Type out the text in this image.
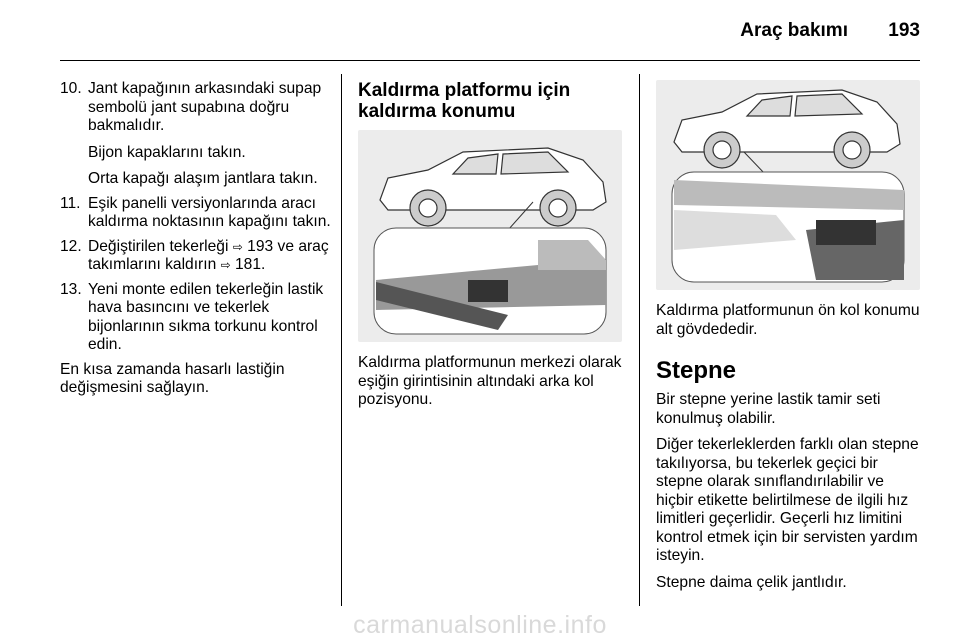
Araç bakımı 193
10. Jant kapağının arkasındaki supap sembolü jant supabına doğru bakmalıdır.
Bijon kapaklarını takın.
Orta kapağı alaşım jantlara takın.
11. Eşik panelli versiyonlarında aracı kaldırma noktasının kapağını takın.
12. Değiştirilen tekerleği ⇨ 193 ve araç takımlarını kaldırın ⇨ 181.
13. Yeni monte edilen tekerleğin lastik hava basıncını ve tekerlek bijonlarının sıkma torkunu kontrol edin.

En kısa zamanda hasarlı lastiğin değişmesini sağlayın.

Kaldırma platformu için kaldırma konumu

Kaldırma platformunun merkezi olarak eşiğin girintisinin altındaki arka kol pozisyonu.

Kaldırma platformunun ön kol konumu alt gövdededir.

Stepne

Bir stepne yerine lastik tamir seti konulmuş olabilir.

Diğer tekerleklerden farklı olan stepne takılıyorsa, bu tekerlek geçici bir stepne olarak sınıflandırılabilir ve hiçbir etikette belirtilmese de ilgili hız limitleri geçerlidir. Geçerli hız limitini kontrol etmek için bir servisten yardım isteyin.

Stepne daima çelik jantlıdır.

carmanualsonline.info
